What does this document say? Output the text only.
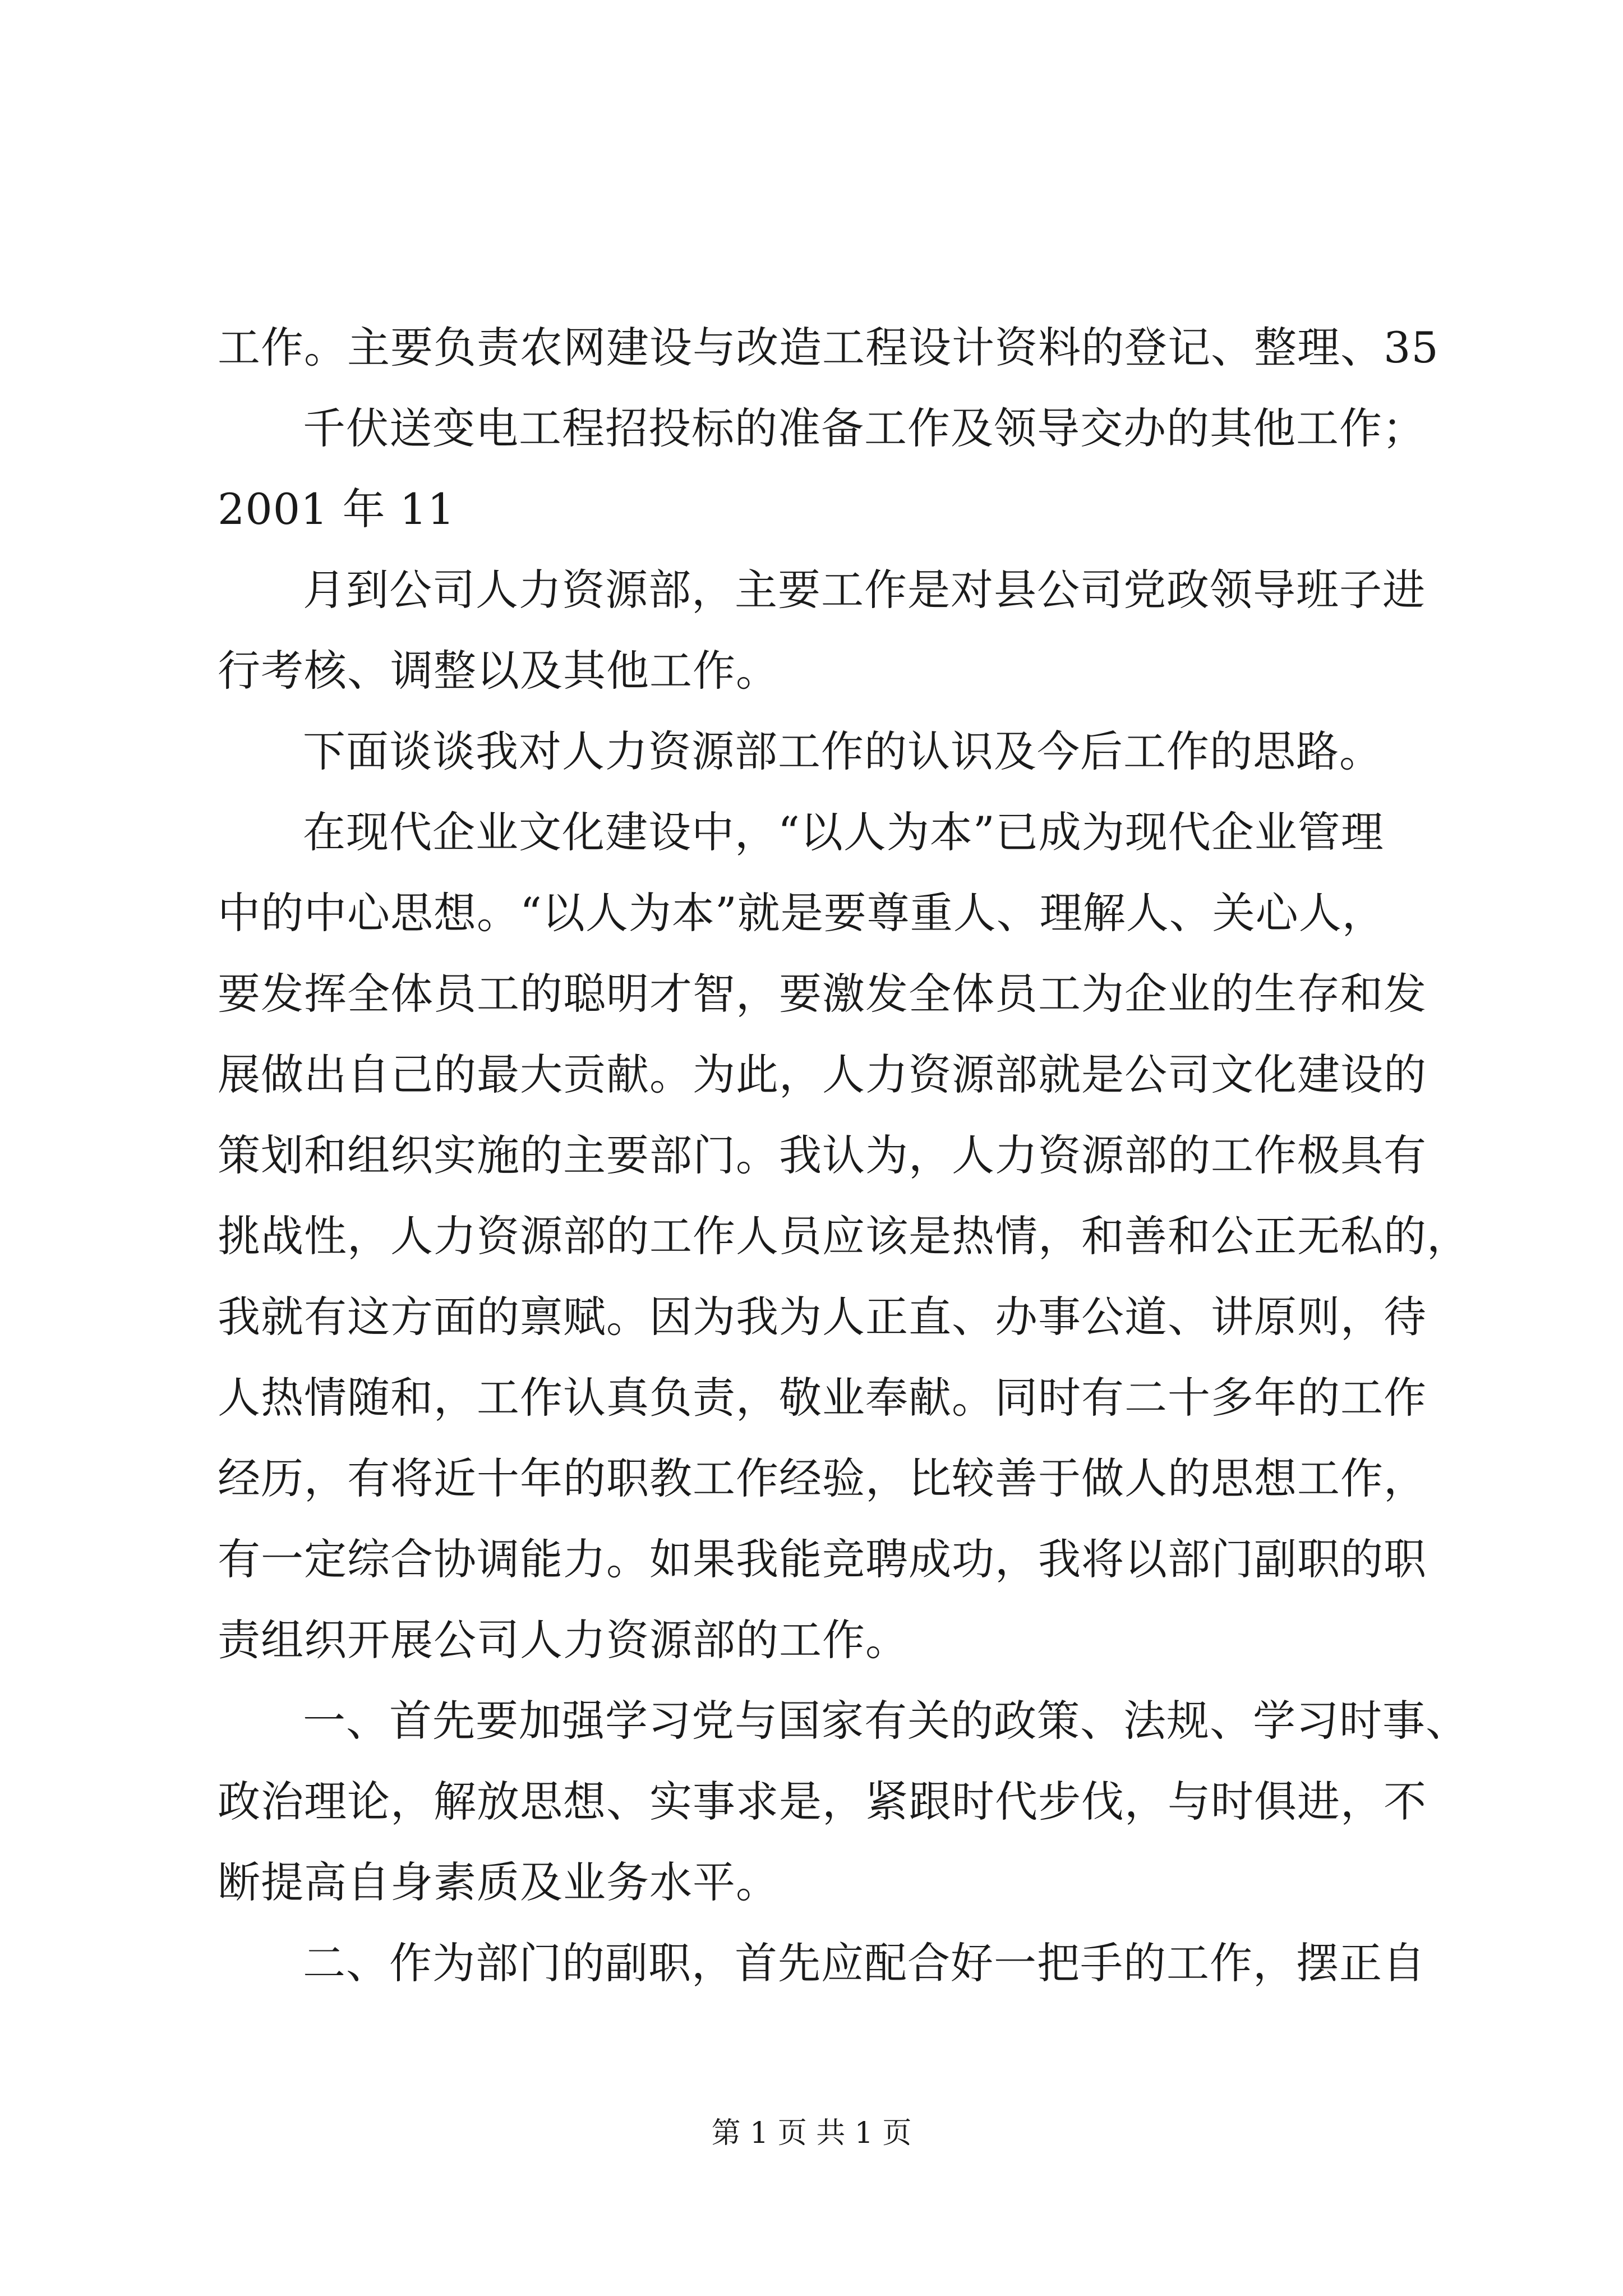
工作。主要负责农网建设与改造工程设计资料的登记、整理、35
千伏送变电工程招投标的准备工作及领导交办的其他工作；
2001 年 11
月到公司人力资源部，主要工作是对县公司党政领导班子进
行考核、调整以及其他工作。
下面谈谈我对人力资源部工作的认识及今后工作的思路。
在现代企业文化建设中，“以人为本”已成为现代企业管理
中的中心思想。“以人为本”就是要尊重人、理解人、关心人，
要发挥全体员工的聪明才智，要激发全体员工为企业的生存和发
展做出自己的最大贡献。为此，人力资源部就是公司文化建设的
策划和组织实施的主要部门。我认为，人力资源部的工作极具有
挑战性，人力资源部的工作人员应该是热情，和善和公正无私的，
我就有这方面的禀赋。因为我为人正直、办事公道、讲原则，待
人热情随和，工作认真负责，敬业奉献。同时有二十多年的工作
经历，有将近十年的职教工作经验，比较善于做人的思想工作，
有一定综合协调能力。如果我能竞聘成功，我将以部门副职的职
责组织开展公司人力资源部的工作。
一、首先要加强学习党与国家有关的政策、法规、学习时事、
政治理论，解放思想、实事求是，紧跟时代步伐，与时俱进，不
断提高自身素质及业务水平。
二、作为部门的副职，首先应配合好一把手的工作，摆正自
第 1 页 共 1 页
